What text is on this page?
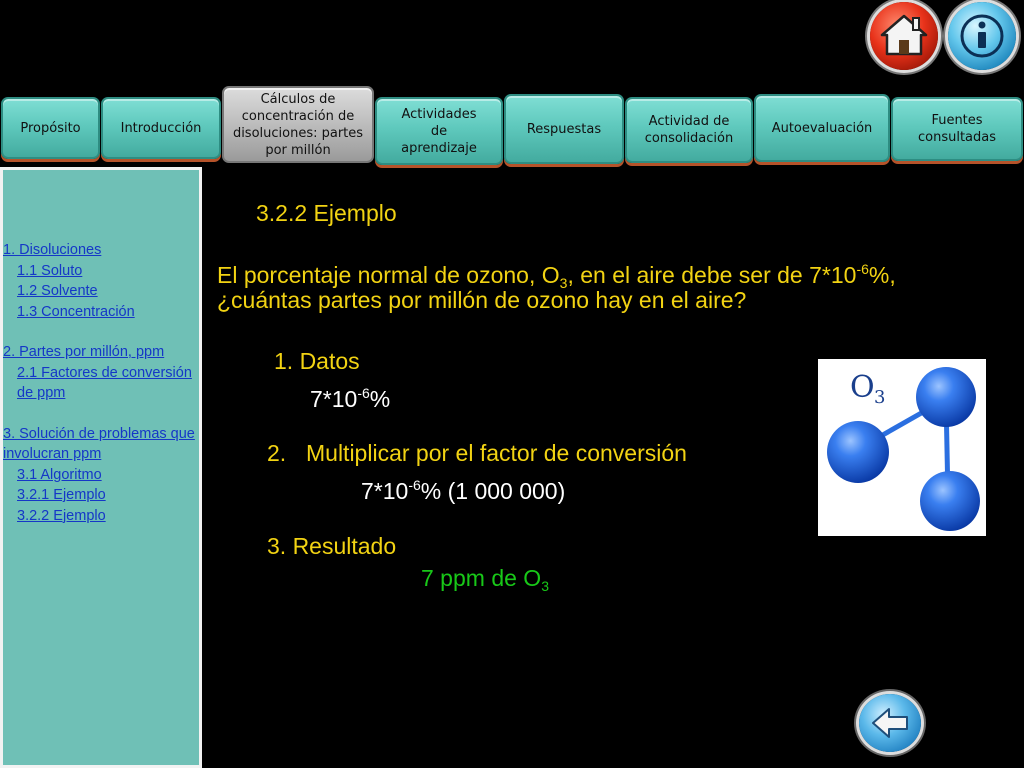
Propósito	Introducción
Cálculos de concentración de disoluciones: partes por millón
Actividades de aprendizaje
Respuestas	Actividad de consolidación
Autoevaluación	Fuentes consultadas
1. Disoluciones
1.1 Soluto
1.2 Solvente
1.3 Concentración
2. Partes por millón, ppm
2.1 Factores de conversión de ppm
3. Solución de problemas que involucran ppm
3.1 Algoritmo
3.2.1 Ejemplo
3.2.2 Ejemplo
3.2.2 Ejemplo
El porcentaje normal de ozono, $O_3$, en el aire debe ser de $7*10^{-6}\%$,
¿cuántas partes por millón de ozono hay en el aire?
1. Datos
$7*10^{-6}\%$
2. Multiplicar por el factor de conversión
$7*10^{-6}\%$ (1 000 000)
3. Resultado
7 ppm de $O_3$
O 3
